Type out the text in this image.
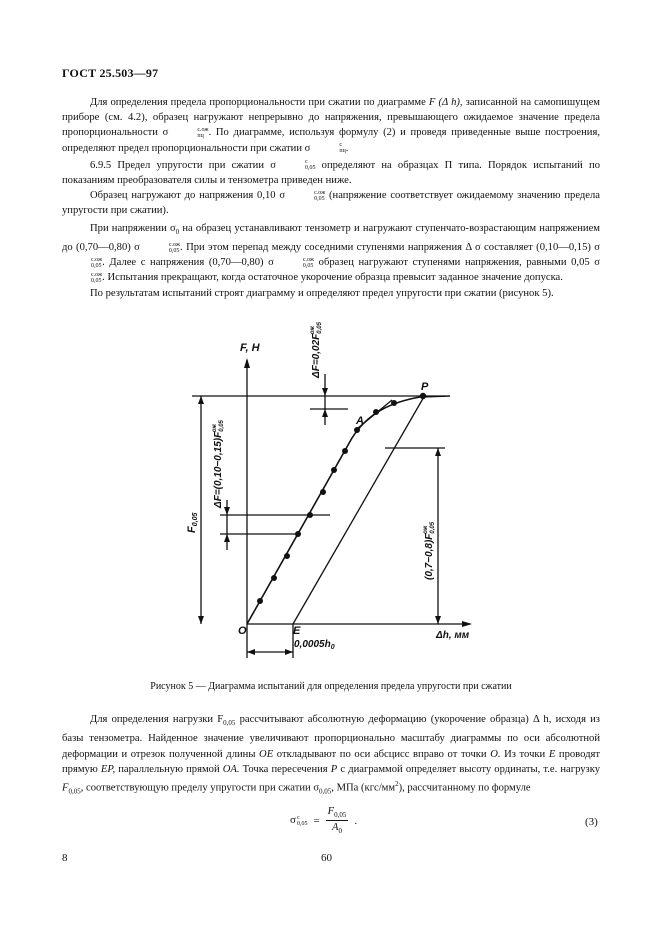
ГОСТ 25.503—97

Для определения предела пропорциональности при сжатии по диаграмме F (Δ h), записанной на самопишущем приборе (см. 4.2), образец нагружают непрерывно до напряжения, превышающего ожидаемое значение предела пропорциональности σ	с.ож
пц . По диаграмме, используя формулу (2) и проведя приведенные выше построения, определяют предел пропорциональности при сжатии σ	с
пц .

6.9.5 Предел упругости при сжатии σ	с
0,05 определяют на образцах П типа. Порядок испытаний по показаниям преобразователя силы и тензометра приведен ниже.

Образец нагружают до напряжения 0,10 σ	с.ож
0,05 (напряжение соответствует ожидаемому значению предела упругости при сжатии).

При напряжении $\sigma_0$ на образец устанавливают тензометр и нагружают ступенчато-возрастающим напряжением до (0,70—0,80) σ	с.ож
0,05 . При этом перепад между соседними ступенями напряжения Δ σ составляет (0,10—0,15) σ
с.ож
0,05 . Далее с напряжения (0,70—0,80) σ	с.ож
0,05 образец нагружают ступенями напряжения, равными 0,05 σ
с.ож
0,05 . Испытания прекращают, когда остаточное укорочение образца превысит заданное значение допуска.

По результатам испытаний строят диаграмму и определяют предел упругости при сжатии (рисунок 5).

F, H
Δh, мм
O	E
A
P
$0,0005h_0$
F0,05
$\Delta F=(0,10-0,15)F_{0,05}ож$
$\Delta F=0,02F_{0,05}ож$
$(0,7-0,8)F_{0,05}ож$
Рисунок 5 — Диаграмма испытаний для определения предела упругости при сжатии

Для определения нагрузки $F_{0,05}$ рассчитывают абсолютную деформацию (укорочение образца) Δ h, исходя из базы тензометра. Найденное значение увеличивают пропорционально масштабу диаграммы по оси абсолютной деформации и отрезок полученной длины OE откладывают по оси абсцисс вправо от точки O. Из точки E проводят прямую EP, параллельную прямой OA. Точка пересечения P с диаграммой определяет высоту ординаты, т.е. нагрузку $F_{0,05}$, соответствующую пределу упругости при сжатии $\sigma_{0,05}$, МПа $(кгс/мм^2)$, рассчитанному по формуле

σ с
$0,05 = \frac{F_{0,05}}{A_0}$ .	(3)
8	60
